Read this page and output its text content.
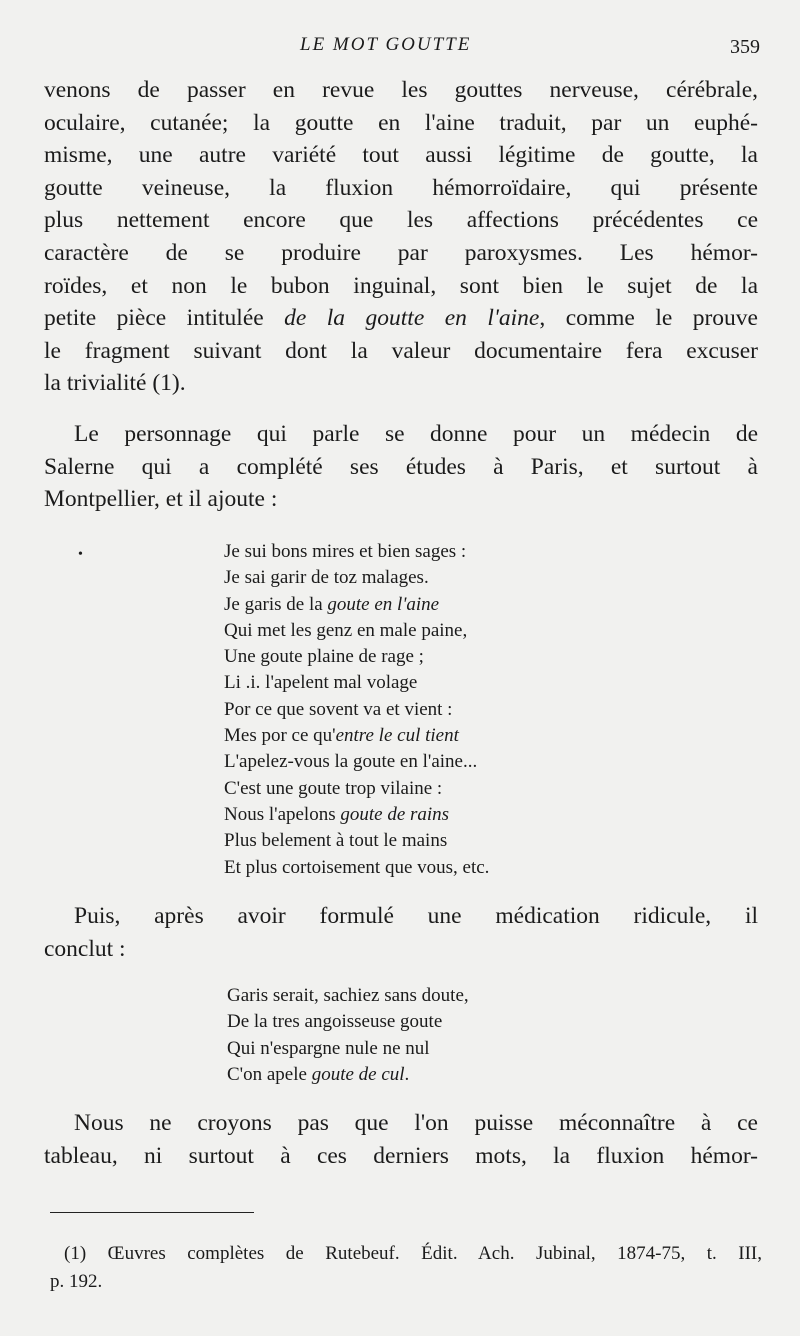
LE MOT GOUTTE	359
venons de passer en revue les gouttes nerveuse, cérébrale,
oculaire, cutanée; la goutte en l'aine traduit, par un euphé-
misme, une autre variété tout aussi légitime de goutte, la
goutte veineuse, la fluxion hémorroïdaire, qui présente
plus nettement encore que les affections précédentes ce
caractère de se produire par paroxysmes. Les hémor-
roïdes, et non le bubon inguinal, sont bien le sujet de la
petite pièce intitulée de la goutte en l'aine, comme le prouve
le fragment suivant dont la valeur documentaire fera excuser
la trivialité (1).
Le personnage qui parle se donne pour un médecin de
Salerne qui a complété ses études à Paris, et surtout à
Montpellier, et il ajoute :
•	Je sui bons mires et bien sages :
Je sai garir de toz malages.
Je garis de la goute en l'aine
Qui met les genz en male paine,
Une goute plaine de rage ;
Li .i. l'apelent mal volage
Por ce que sovent va et vient :
Mes por ce qu'entre le cul tient
L'apelez-vous la goute en l'aine...
C'est une goute trop vilaine :
Nous l'apelons goute de rains
Plus belement à tout le mains
Et plus cortoisement que vous, etc.
Puis, après avoir formulé une médication ridicule, il
conclut :
Garis serait, sachiez sans doute,
De la tres angoisseuse goute
Qui n'espargne nule ne nul
C'on apele goute de cul.
Nous ne croyons pas que l'on puisse méconnaître à ce
tableau, ni surtout à ces derniers mots, la fluxion hémor-
(1) Œuvres complètes de Rutebeuf. Édit. Ach. Jubinal, 1874-75, t. III,
p. 192.
